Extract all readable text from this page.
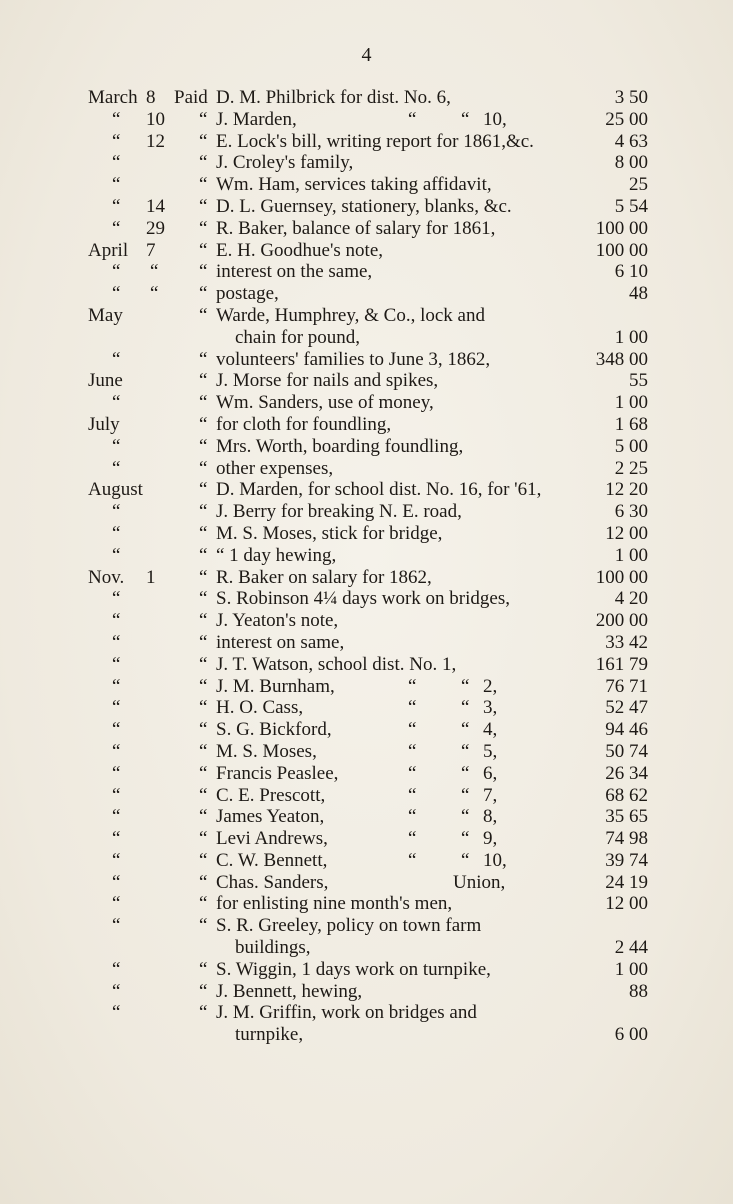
4
March 8 Paid D. M. Philbrick for dist. No. 6,	3 50
“ 10 “ J. Marden,	“ “ 10,	25 00
“ 12 “ E. Lock's bill, writing report for 1861,&c.	4 63
“	“ J. Croley's family,	8 00
“	“ Wm. Ham, services taking affidavit,	25
“ 14 “ D. L. Guernsey, stationery, blanks, &c.	5 54
“ 29 “ R. Baker, balance of salary for 1861,	100 00
April 7 “ E. H. Goodhue's note,	100 00
“ “ “ interest on the same,	6 10
“ “ “ postage,	48
May	“ Warde, Humphrey, & Co., lock and
chain for pound,	1 00
“	“ volunteers' families to June 3, 1862,	348 00
June	“ J. Morse for nails and spikes,	55
“	“ Wm. Sanders, use of money,	1 00
July	“ for cloth for foundling,	1 68
“	“ Mrs. Worth, boarding foundling,	5 00
“	“ other expenses,	2 25
August	“ D. Marden, for school dist. No. 16, for '61,	12 20
“	“ J. Berry for breaking N. E. road,	6 30
“	“ M. S. Moses, stick for bridge,	12 00
“	“ “ 1 day hewing,	1 00
Nov. 1 “ R. Baker on salary for 1862,	100 00
“	“ S. Robinson 4¼ days work on bridges,	4 20
“	“ J. Yeaton's note,	200 00
“	“ interest on same,	33 42
“	“ J. T. Watson, school dist. No. 1,	161 79
“	“ J. M. Burnham,	“ “ 2,	76 71
“	“ H. O. Cass,	“ “ 3,	52 47
“	“ S. G. Bickford,	“ “ 4,	94 46
“	“ M. S. Moses,	“ “ 5,	50 74
“	“ Francis Peaslee,	“ “ 6,	26 34
“	“ C. E. Prescott,	“ “ 7,	68 62
“	“ James Yeaton,	“ “ 8,	35 65
“	“ Levi Andrews,	“ “ 9,	74 98
“	“ C. W. Bennett,	“ “ 10,	39 74
“	“ Chas. Sanders,	Union,	24 19
“	“ for enlisting nine month's men,	12 00
“	“ S. R. Greeley, policy on town farm
buildings,	2 44
“	“ S. Wiggin, 1 days work on turnpike,	1 00
“	“ J. Bennett, hewing,	88
“	“ J. M. Griffin, work on bridges and
turnpike,	6 00
